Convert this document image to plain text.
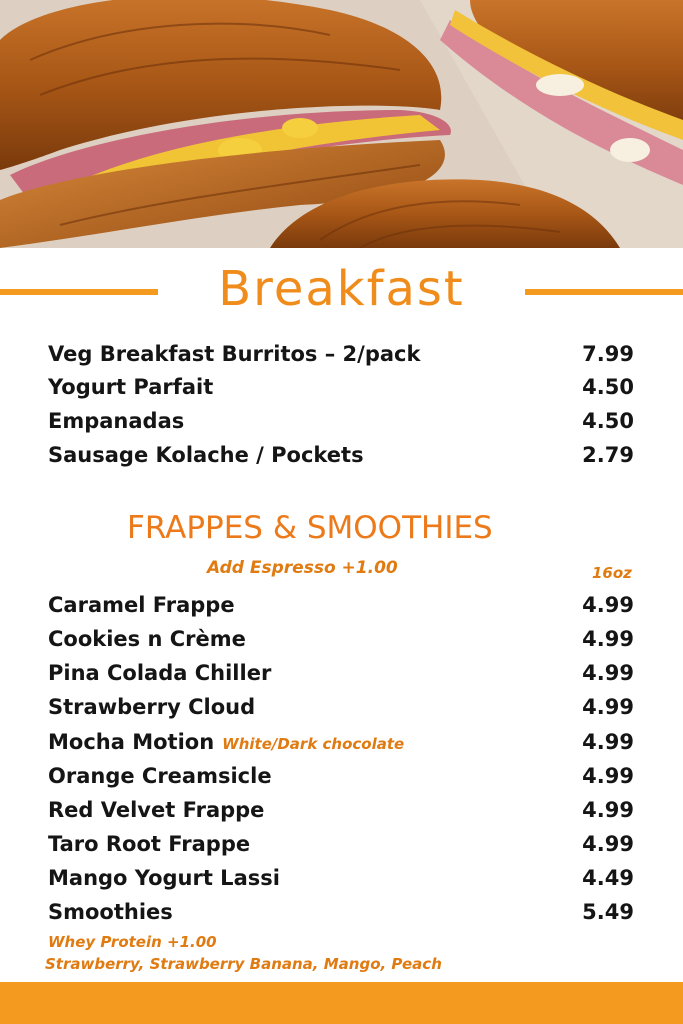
Breakfast
Veg Breakfast Burritos – 2/pack	7.99
Yogurt Parfait	4.50
Empanadas	4.50
Sausage Kolache / Pockets	2.79
FRAPPES & SMOOTHIES
Add Espresso +1.00	16oz
Caramel Frappe	4.99
Cookies n Crème	4.99
Pina Colada Chiller	4.99
Strawberry Cloud	4.99
Mocha Motion White/Dark chocolate	4.99
Orange Creamsicle	4.99
Red Velvet Frappe	4.99
Taro Root Frappe	4.99
Mango Yogurt Lassi	4.49
Smoothies	5.49
Whey Protein +1.00
Strawberry, Strawberry Banana, Mango, Peach
